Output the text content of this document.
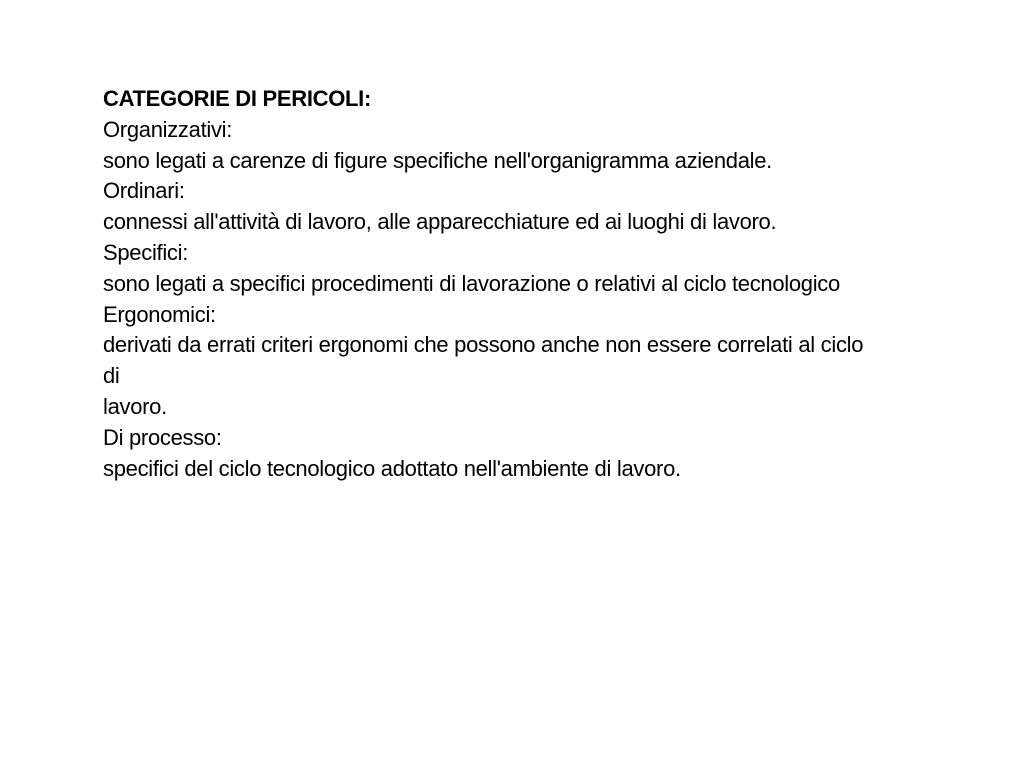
CATEGORIE DI PERICOLI:
Organizzativi:
sono legati a carenze di figure specifiche nell'organigramma aziendale.
Ordinari:
connessi all'attività di lavoro, alle apparecchiature ed ai luoghi di lavoro.
Specifici:
sono legati a specifici procedimenti di lavorazione o relativi al ciclo tecnologico
Ergonomici:
derivati da errati criteri ergonomi che possono anche non essere correlati al ciclo
di
lavoro.
Di processo:
specifici del ciclo tecnologico adottato nell'ambiente di lavoro.
